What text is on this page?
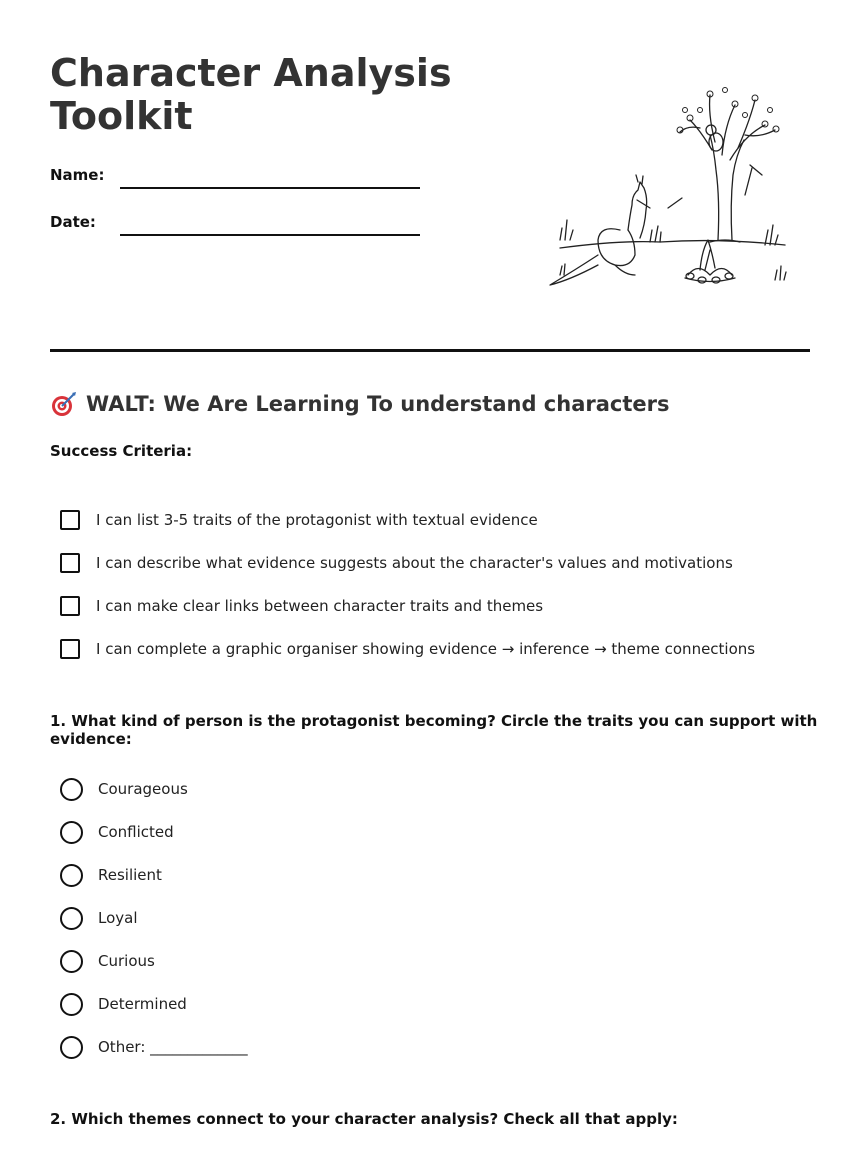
Character Analysis Toolkit
Name:
Date:
WALT: We Are Learning To understand characters
Success Criteria:
I can list 3-5 traits of the protagonist with textual evidence
I can describe what evidence suggests about the character's values and motivations
I can make clear links between character traits and themes
I can complete a graphic organiser showing evidence → inference → theme connections
1. What kind of person is the protagonist becoming? Circle the traits you can support with evidence:
Courageous
Conflicted
Resilient
Loyal
Curious
Determined
Other: _____________
2. Which themes connect to your character analysis? Check all that apply:
